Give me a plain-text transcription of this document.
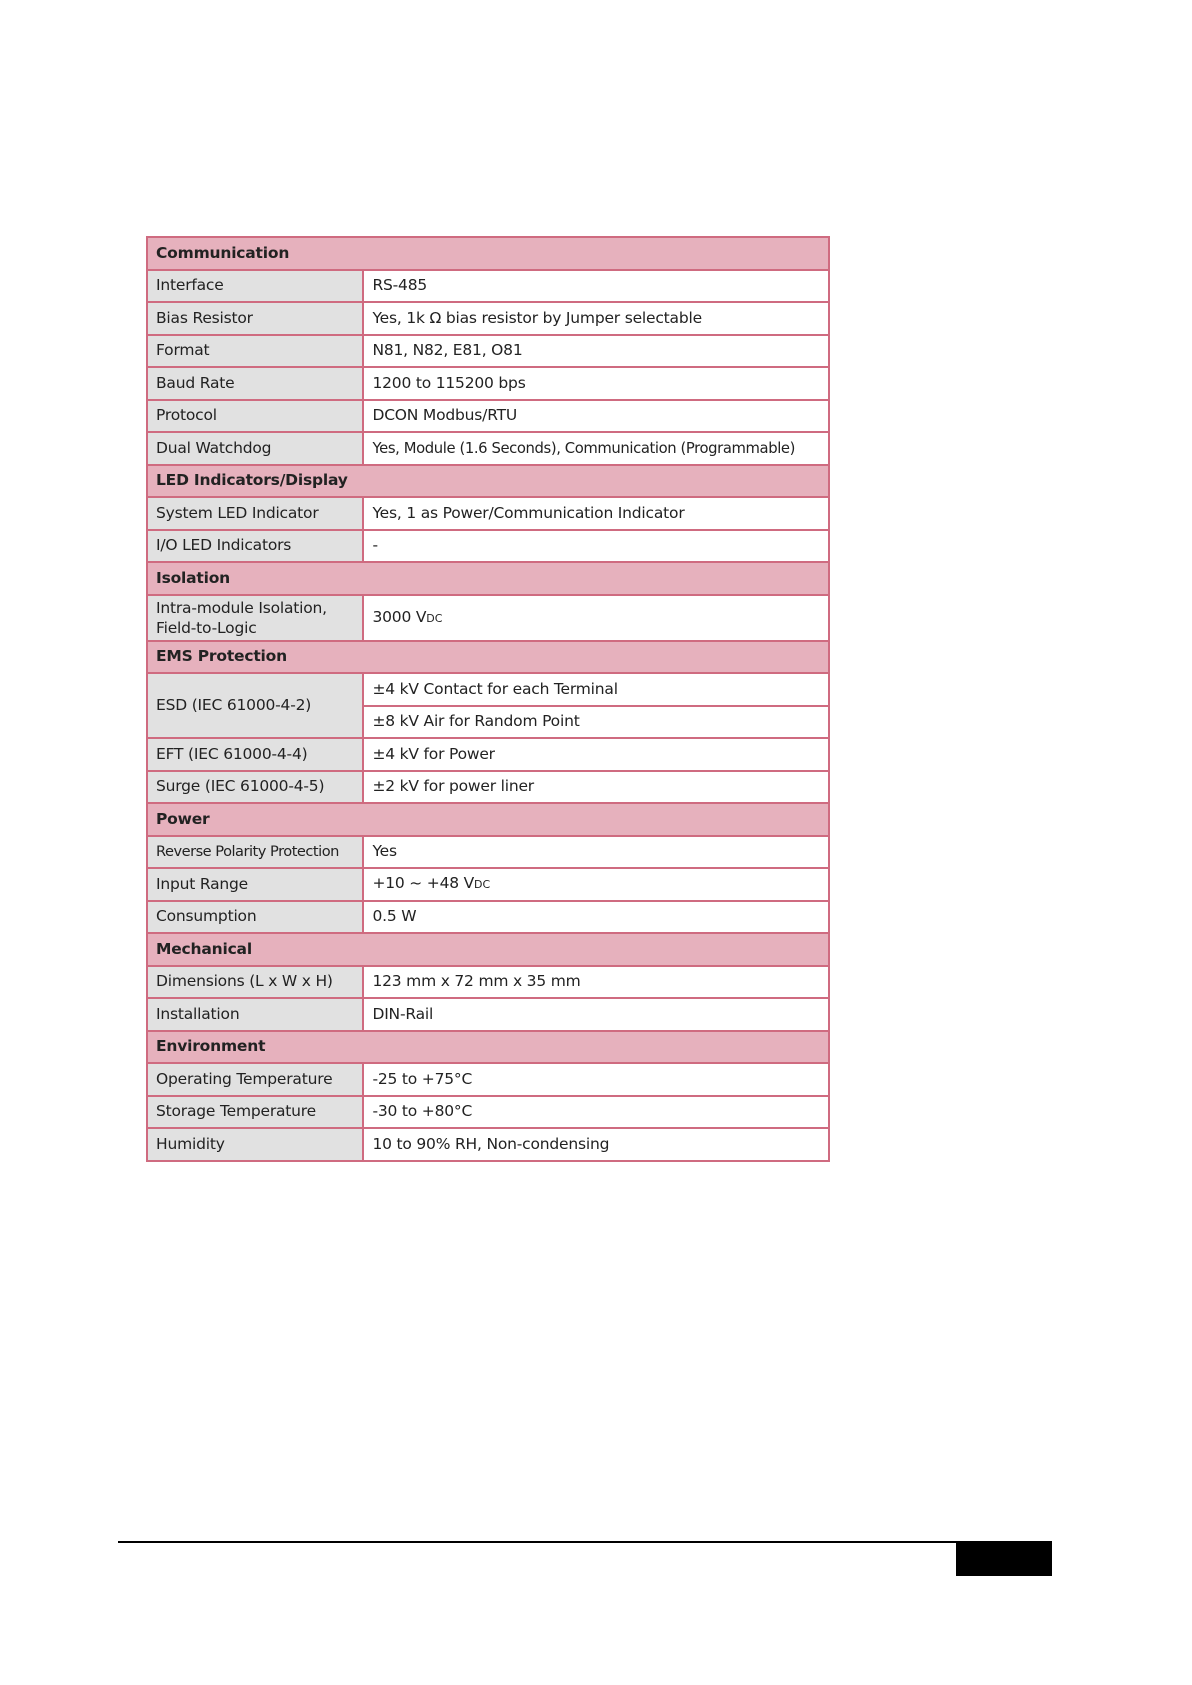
Communication	
Interface	RS-485
Bias Resistor	Yes, 1k Ω bias resistor by Jumper selectable
Format	N81, N82, E81, O81
Baud Rate	1200 to 115200 bps
Protocol	DCON Modbus/RTU
Dual Watchdog	Yes, Module (1.6 Seconds), Communication (Programmable)
LED Indicators/Display	
System LED Indicator	Yes, 1 as Power/Communication Indicator
I/O LED Indicators	-
Isolation	
Intra-module Isolation, Field-to-Logic	3000 VDC
EMS Protection	
ESD (IEC 61000-4-2)	±4 kV Contact for each Terminal
	±8 kV Air for Random Point
EFT (IEC 61000-4-4)	±4 kV for Power
Surge (IEC 61000-4-5)	±2 kV for power liner
Power	
Reverse Polarity Protection	Yes
Input Range	+10 ~ +48 VDC
Consumption	0.5 W
Mechanical	
Dimensions (L x W x H)	123 mm x 72 mm x 35 mm
Installation	DIN-Rail
Environment	
Operating Temperature	-25 to +75°C
Storage Temperature	-30 to +80°C
Humidity	10 to 90% RH, Non-condensing
